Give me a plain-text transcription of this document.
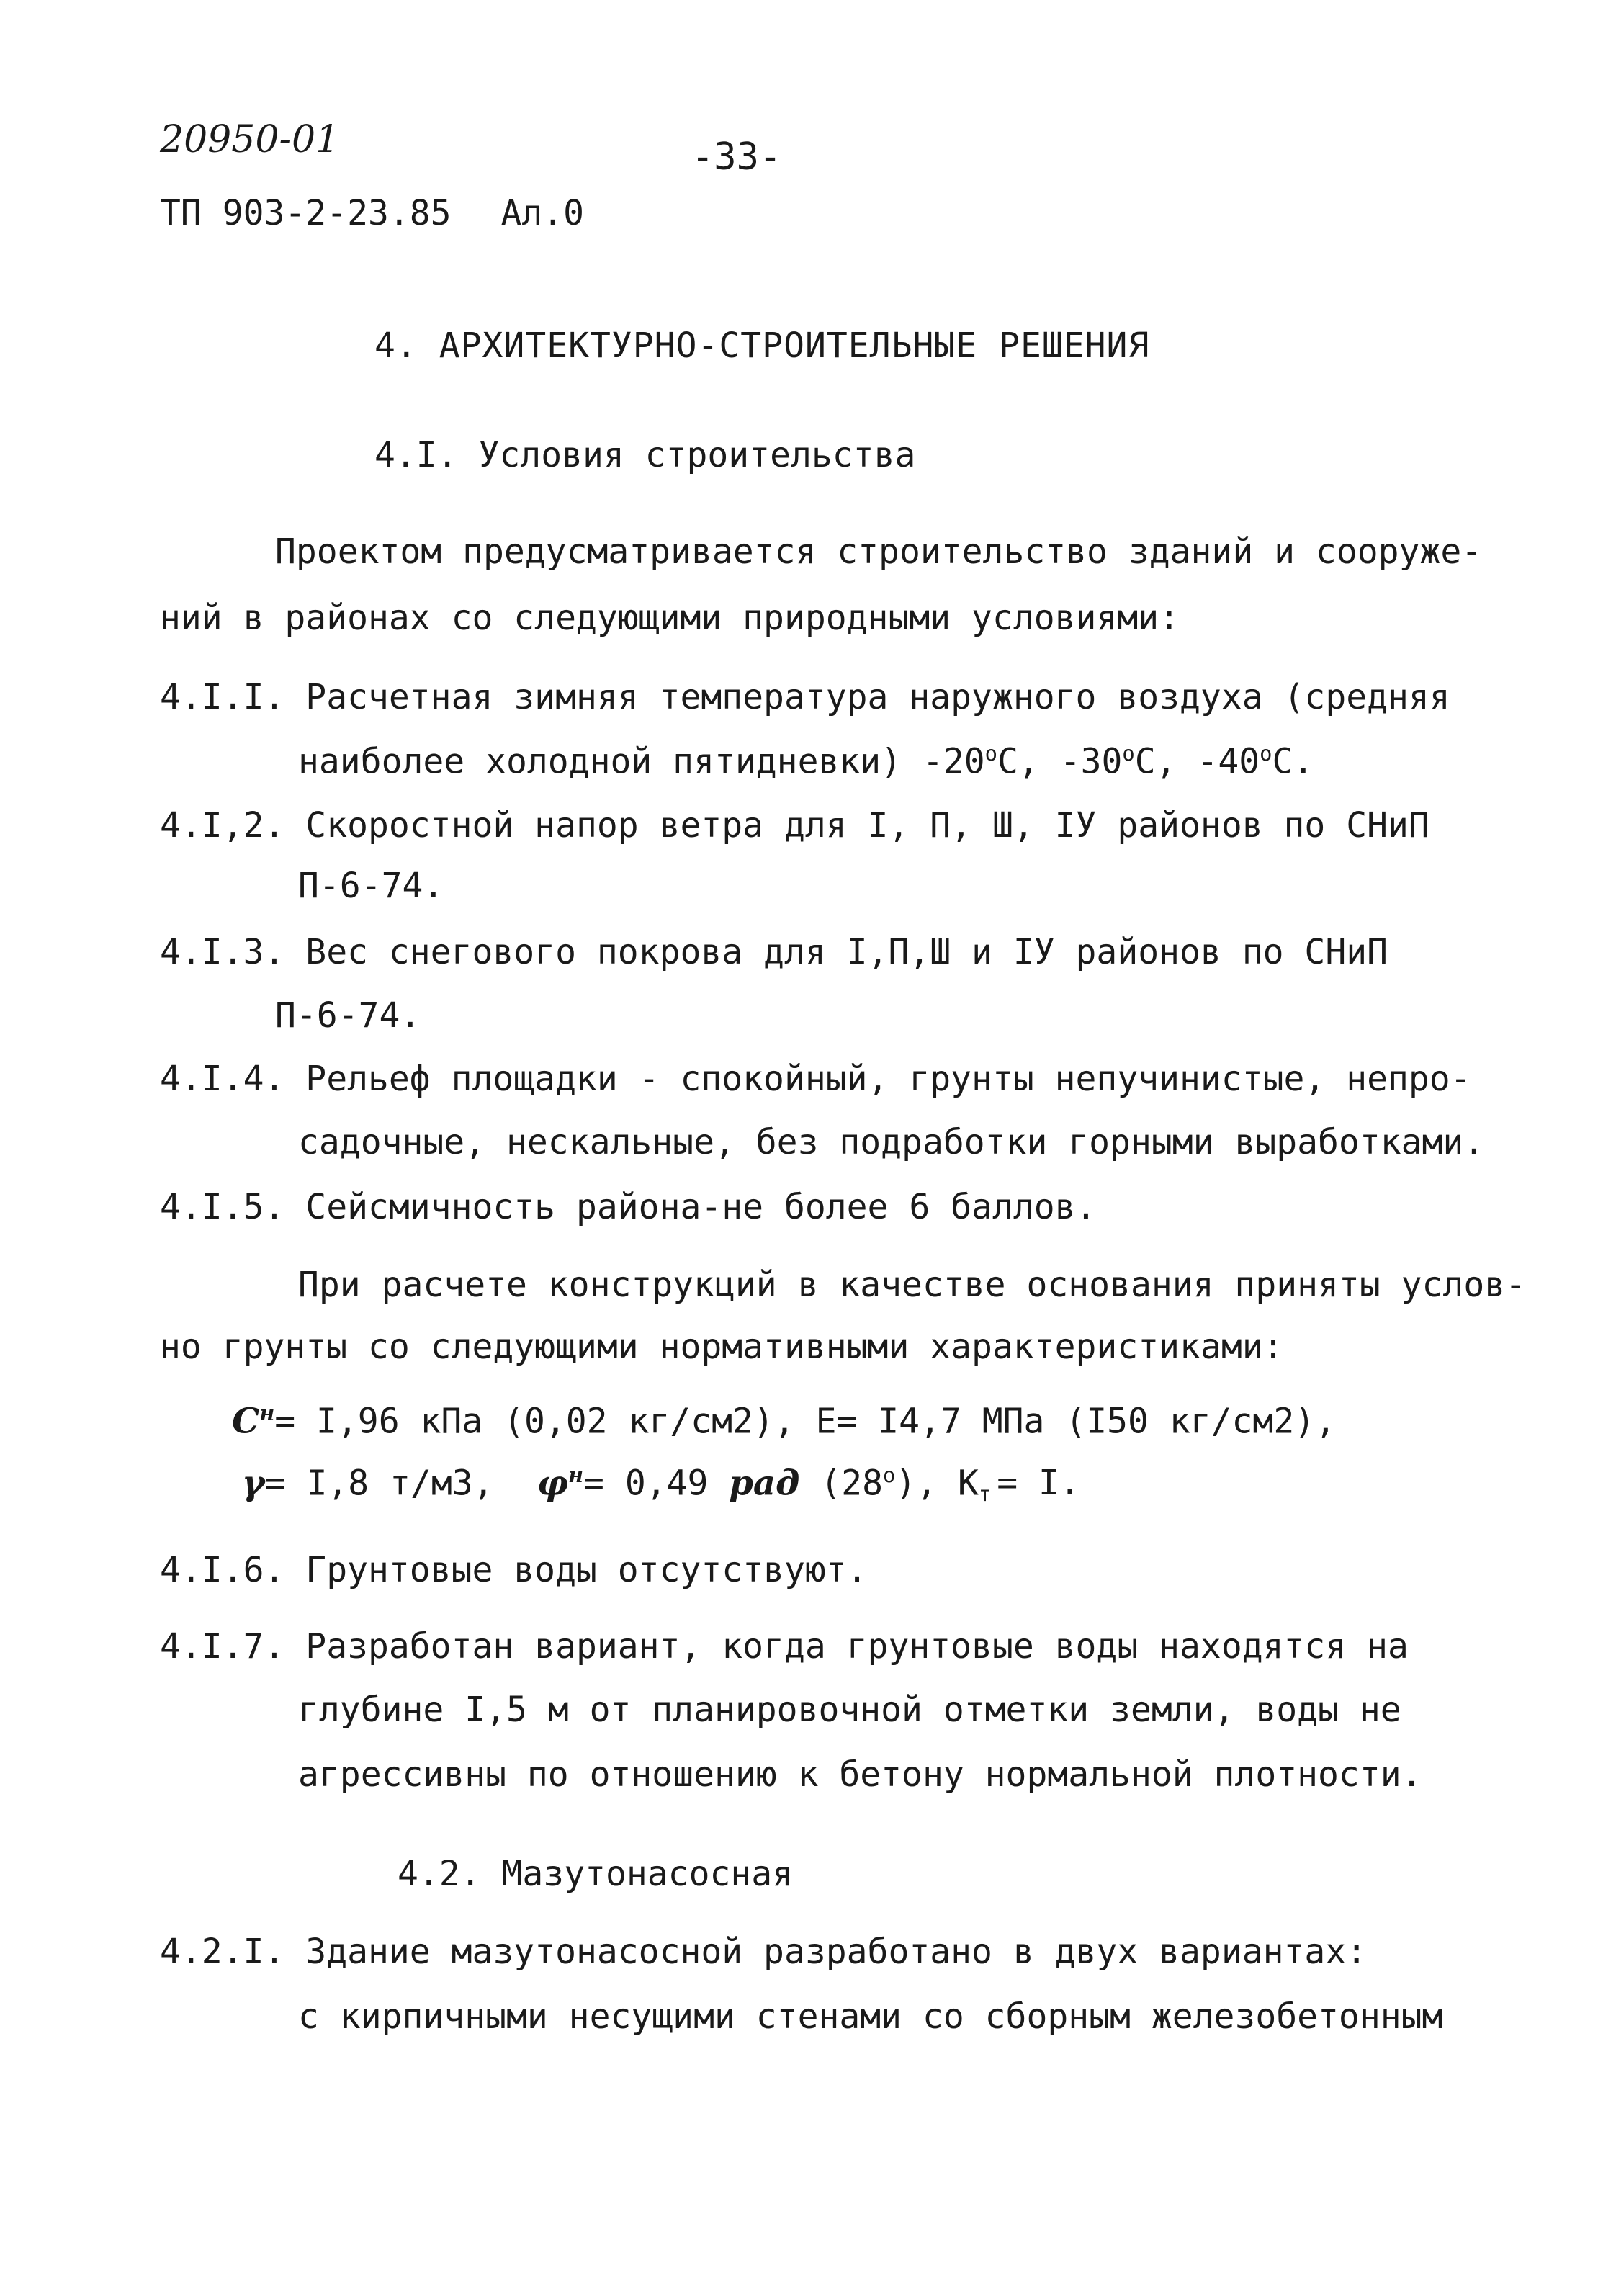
20950-01	-33-
ТП 903-2-23.85 Ал.0
4. АРХИТЕКТУРНО-СТРОИТЕЛЬНЫЕ РЕШЕНИЯ
4.I. Условия строительства
Проектом предусматривается строительство зданий и сооруже-
ний в районах со следующими природными условиями:
4.I.I. Расчетная зимняя температура наружного воздуха (средняя
наиболее холодной пятидневки) $-20^оС$, $-30^оС$, $-40^оС$.
4.I,2. Скоростной напор ветра для I, П, Ш, IУ районов по СНиП
П-6-74.
4.I.3. Вес снегового покрова для I,П,Ш и IУ районов по СНиП
П-6-74.
4.I.4. Рельеф площадки - спокойный, грунты непучинистые, непро-
садочные, нескальные, без подработки горными выработками.
4.I.5. Сейсмичность района-не более 6 баллов.
При расчете конструкций в качестве основания приняты услов-
но грунты со следующими нормативными характеристиками:
$С^н= I,96$ кПа (0,02 кг/см2), Е= I4,7 МПа (I50 кг/см2),
γ= I,8 т/м3, $\varphi^н= 0,49$ рад $(28^о)$, $К_т = I$.
4.I.6. Грунтовые воды отсутствуют.
4.I.7. Разработан вариант, когда грунтовые воды находятся на
глубине I,5 м от планировочной отметки земли, воды не
агрессивны по отношению к бетону нормальной плотности.
4.2. Мазутонасосная
4.2.I. Здание мазутонасосной разработано в двух вариантах:
с кирпичными несущими стенами со сборным железобетонным
